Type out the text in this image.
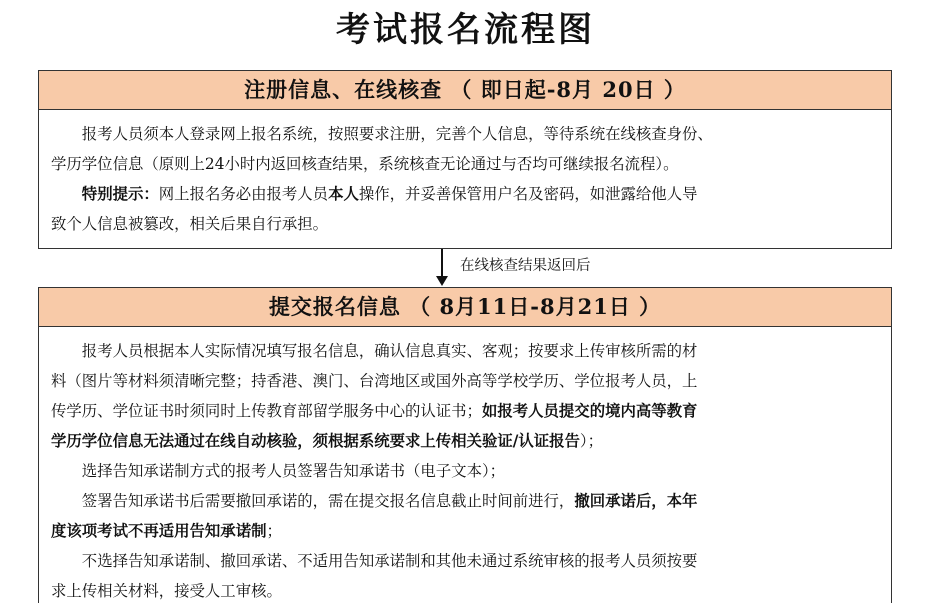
考试报名流程图
注册信息、在线核查 （ 即日起-8月 20日 ）

报考人员须本人登录网上报名系统，按照要求注册，完善个人信息，等待系统在线核查身份、

学历学位信息（原则上24小时内返回核查结果，系统核查无论通过与否均可继续报名流程）。

特别提示：网上报名务必由报考人员本人操作，并妥善保管用户名及密码，如泄露给他人导

致个人信息被篡改，相关后果自行承担。

在线核查结果返回后
提交报名信息 （ 8月11日-8月21日 ）

报考人员根据本人实际情况填写报名信息，确认信息真实、客观；按要求上传审核所需的材

料（图片等材料须清晰完整；持香港、澳门、台湾地区或国外高等学校学历、学位报考人员，上

传学历、学位证书时须同时上传教育部留学服务中心的认证书；如报考人员提交的境内高等教育

学历学位信息无法通过在线自动核验，须根据系统要求上传相关验证/认证报告）；

选择告知承诺制方式的报考人员签署告知承诺书（电子文本）；

签署告知承诺书后需要撤回承诺的，需在提交报名信息截止时间前进行，撤回承诺后，本年

度该项考试不再适用告知承诺制；

不选择告知承诺制、撤回承诺、不适用告知承诺制和其他未通过系统审核的报考人员须按要

求上传相关材料，接受人工审核。
